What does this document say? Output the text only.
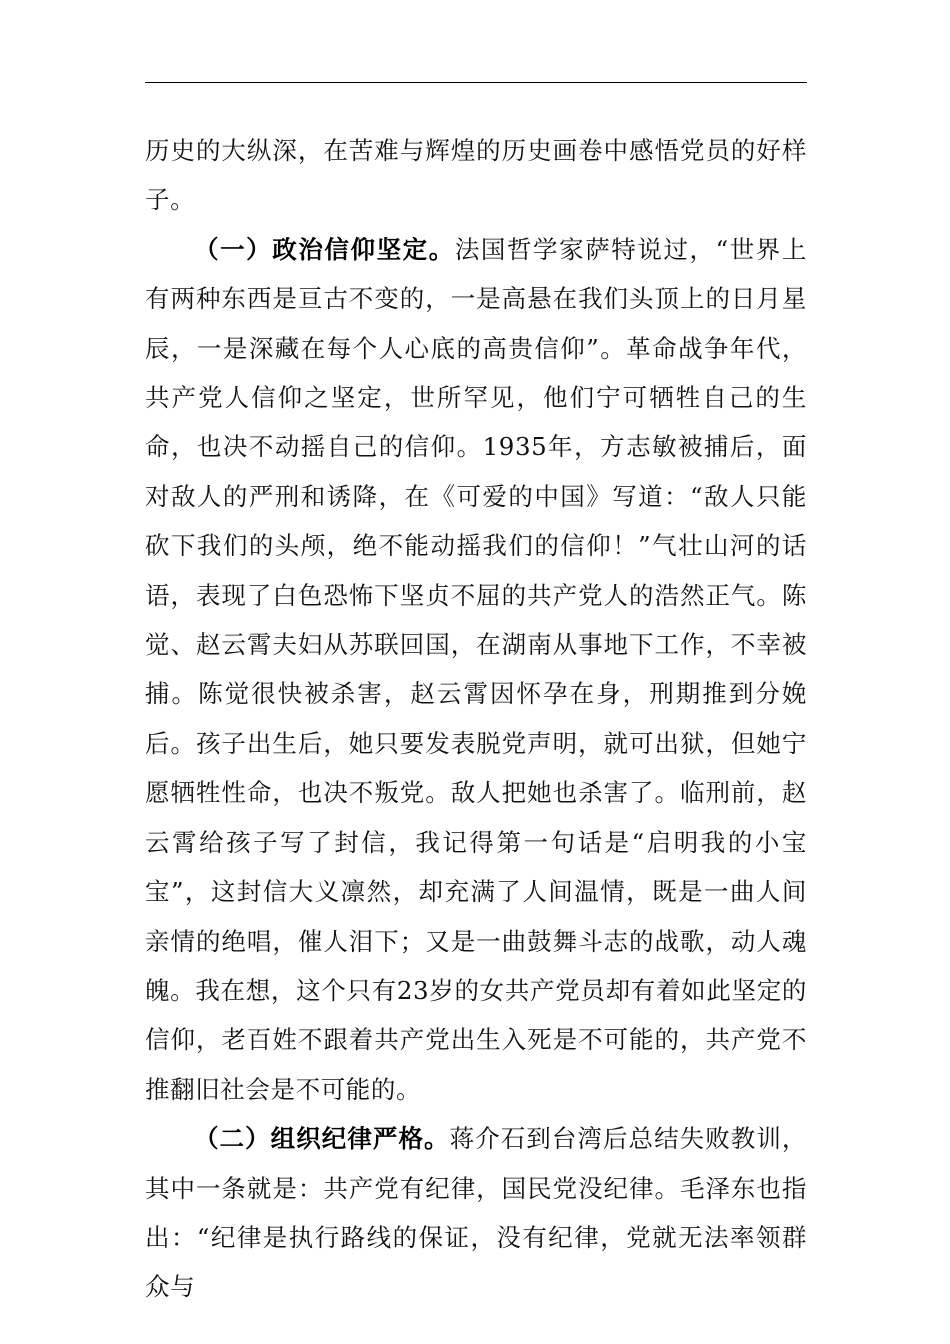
历史的大纵深，在苦难与辉煌的历史画卷中感悟党员的好样子。

（一）政治信仰坚定。法国哲学家萨特说过，“世界上有两种东西是亘古不变的，一是高悬在我们头顶上的日月星辰，一是深藏在每个人心底的高贵信仰”。革命战争年代，共产党人信仰之坚定，世所罕见，他们宁可牺牲自己的生命，也决不动摇自己的信仰。1935年，方志敏被捕后，面对敌人的严刑和诱降，在《可爱的中国》写道：“敌人只能砍下我们的头颅，绝不能动摇我们的信仰！”气壮山河的话语，表现了白色恐怖下坚贞不屈的共产党人的浩然正气。陈觉、赵云霄夫妇从苏联回国，在湖南从事地下工作，不幸被捕。陈觉很快被杀害，赵云霄因怀孕在身，刑期推到分娩后。孩子出生后，她只要发表脱党声明，就可出狱，但她宁愿牺牲性命，也决不叛党。敌人把她也杀害了。临刑前，赵云霄给孩子写了封信，我记得第一句话是“启明我的小宝宝”，这封信大义凛然，却充满了人间温情，既是一曲人间亲情的绝唱，催人泪下；又是一曲鼓舞斗志的战歌，动人魂魄。我在想，这个只有23岁的女共产党员却有着如此坚定的信仰，老百姓不跟着共产党出生入死是不可能的，共产党不推翻旧社会是不可能的。

（二）组织纪律严格。蒋介石到台湾后总结失败教训，其中一条就是：共产党有纪律，国民党没纪律。毛泽东也指出：“纪律是执行路线的保证，没有纪律，党就无法率领群众与
